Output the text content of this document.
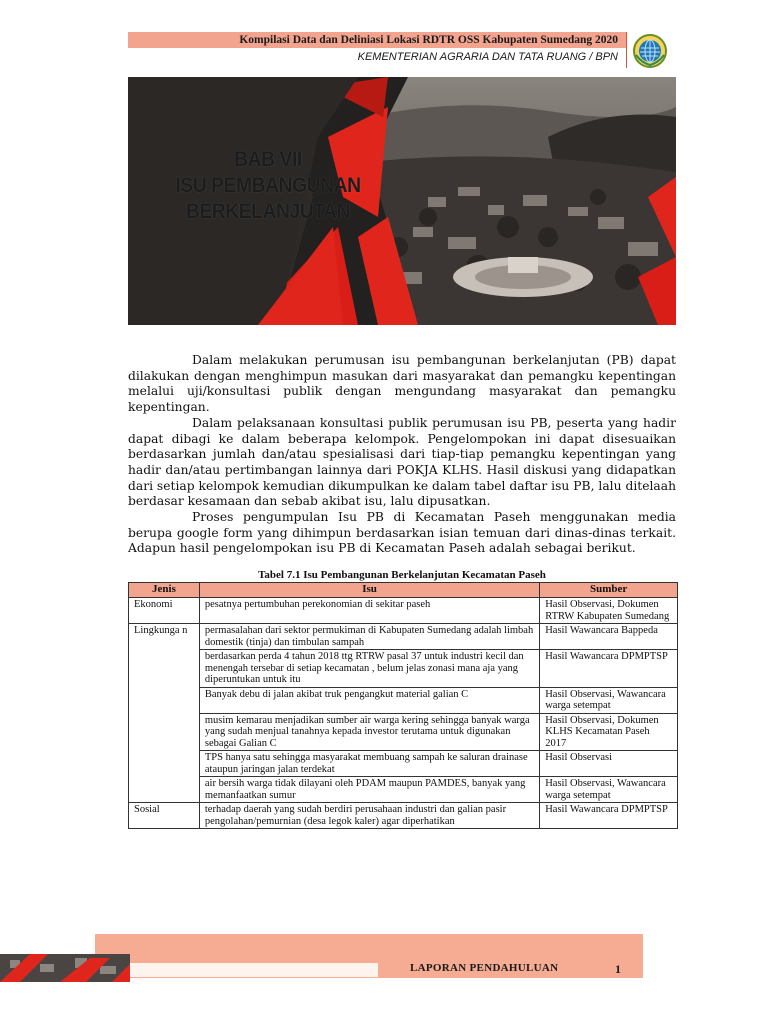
Kompilasi Data dan Deliniasi Lokasi RDTR OSS Kabupaten Sumedang 2020
KEMENTERIAN AGRARIA DAN TATA RUANG / BPN
BAB VII
ISU PEMBANGUNAN
BERKELANJUTAN

Dalam melakukan perumusan isu pembangunan berkelanjutan (PB) dapat dilakukan dengan menghimpun masukan dari masyarakat dan pemangku kepentingan melalui uji/konsultasi publik dengan mengundang masyarakat dan pemangku kepentingan.

Dalam pelaksanaan konsultasi publik perumusan isu PB, peserta yang hadir dapat dibagi ke dalam beberapa kelompok. Pengelompokan ini dapat disesuaikan berdasarkan jumlah dan/atau spesialisasi dari tiap-tiap pemangku kepentingan yang hadir dan/atau pertimbangan lainnya dari POKJA KLHS. Hasil diskusi yang didapatkan dari setiap kelompok kemudian dikumpulkan ke dalam tabel daftar isu PB, lalu ditelaah berdasar kesamaan dan sebab akibat isu, lalu dipusatkan.

Proses pengumpulan Isu PB di Kecamatan Paseh menggunakan media berupa google form yang dihimpun berdasarkan isian temuan dari dinas-dinas terkait. Adapun hasil pengelompokan isu PB di Kecamatan Paseh adalah sebagai berikut.

Tabel 7.1 Isu Pembangunan Berkelanjutan Kecamatan Paseh
Jenis	Isu	Sumber
Ekonomi	pesatnya pertumbuhan perekonomian di sekitar paseh	Hasil Observasi, Dokumen RTRW Kabupaten Sumedang
Lingkunga n	permasalahan dari sektor permukiman di Kabupaten Sumedang adalah limbah domestik (tinja) dan timbulan sampah	Hasil Wawancara Bappeda
	berdasarkan perda 4 tahun 2018 ttg RTRW pasal 37 untuk industri kecil dan menengah tersebar di setiap kecamatan , belum jelas zonasi mana aja yang diperuntukan untuk itu	Hasil Wawancara DPMPTSP
	Banyak debu di jalan akibat truk pengangkut material galian C	Hasil Observasi, Wawancara warga setempat
	musim kemarau menjadikan sumber air warga kering sehingga banyak warga yang sudah menjual tanahnya kepada investor terutama untuk digunakan sebagai Galian C	Hasil Observasi, Dokumen KLHS Kecamatan Paseh 2017
	TPS hanya satu sehingga masyarakat membuang sampah ke saluran drainase ataupun jaringan jalan terdekat	Hasil Observasi
	air bersih warga tidak dilayani oleh PDAM maupun PAMDES, banyak yang memanfaatkan sumur	Hasil Observasi, Wawancara warga setempat
Sosial	terhadap daerah yang sudah berdiri perusahaan industri dan galian pasir pengolahan/pemurnian (desa legok kaler) agar diperhatikan	Hasil Wawancara DPMPTSP
LAPORAN PENDAHULUAN	1
